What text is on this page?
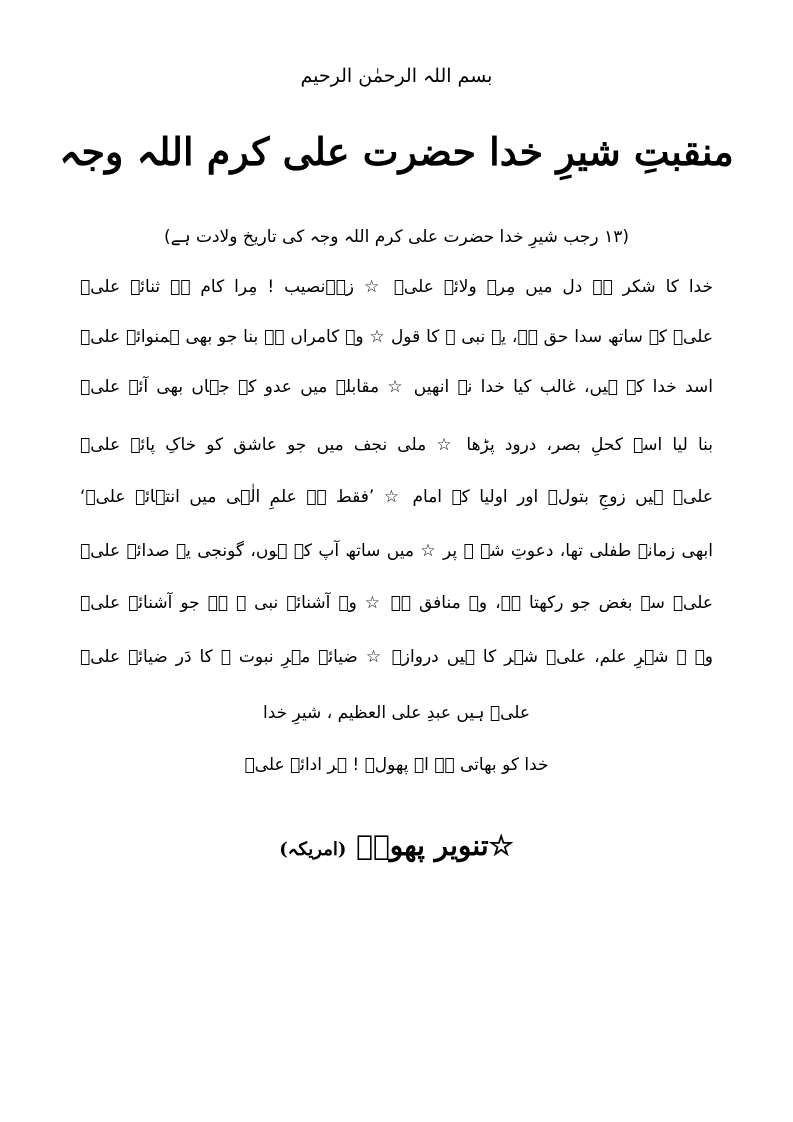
بسم اللہ الرحمٰن الرحیم

منقبتِ شیرِ خدا حضرت علی کرم اللہ وجہ

(۱۳ رجب شیرِ خدا حضرت علی کرم اللہ وجہ کی تاریخ ولادت ہے)

خدا کا شکر ہے دل میں مِرے ولائے علیؓ ☆ زہےنصیب ! مِرا کام ہے ثنائے علیؓ

علیؓ کے ساتھ سدا حق ہے، یہ نبی ﷺ کا قول ☆ وہ کامراں ہے بنا جو بھی ہمنوائے علیؓ

اسد خدا کے ہیں، غالب کیا خدا نے انھیں ☆ مقابلے میں عدو کے جہاں بھی آئے علیؓ

بنا لیا اسے کحلِ بصر، درود پڑھا ☆ ملی نجف میں جو عاشق کو خاکِ پائے علیؓ

علیؓ ہیں زوجِ بتولؓ اور اولیا کے امام ☆ ’فقط ہے علمِ الٰہی میں انتہائے علیؓ‘

ابھی زمانۂ طفلی تھا، دعوتِ شہ ﷺ پر ☆ میں ساتھ آپ کے ہوں، گونجی یہ صدائے علیؓ

علیؓ سے بغض جو رکھتا ہے، وہ منافق ہے ☆ وہ آشنائے نبی ﷺ ہے جو آشنائے علیؓ

وہ ﷺ شہرِ علم، علیؓ شہر کا ہیں دروازہ ☆ ضیائے مہرِ نبوت ﷺ کا دَر ضیائے علیؓ

علیؓ ہیں عبدِ علی العظیم ، شیرِ خدا

خدا کو بھاتی ہے اے پھولؔ ! ہر ادائے علیؓ

☆تنویر پھولؔ (امریکہ)
